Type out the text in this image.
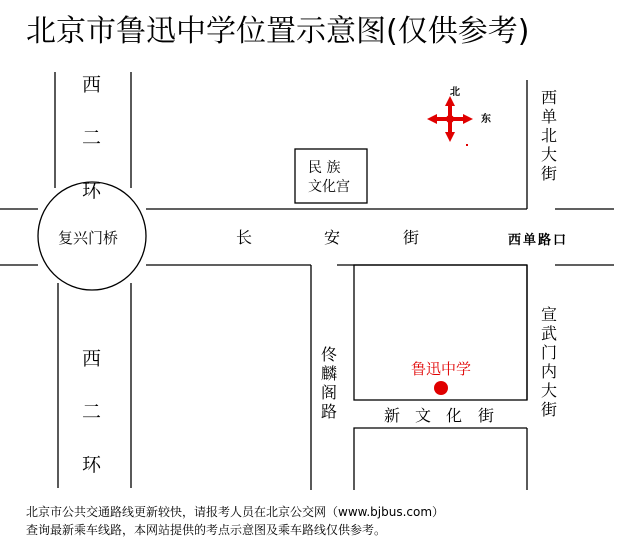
北京市鲁迅中学位置示意图(仅供参考)
北
东
西
二
环
西
二
环
复兴门桥	长	安	街	西单路口
民 族
文化宫
西
单
北
大
街
宣
武
门
内
大
街
佟
麟
阁
路	新 文 化 街
鲁迅中学
北京市公共交通路线更新较快，请报考人员在北京公交网（www.bjbus.com）
查询最新乘车线路，本网站提供的考点示意图及乘车路线仅供参考。
